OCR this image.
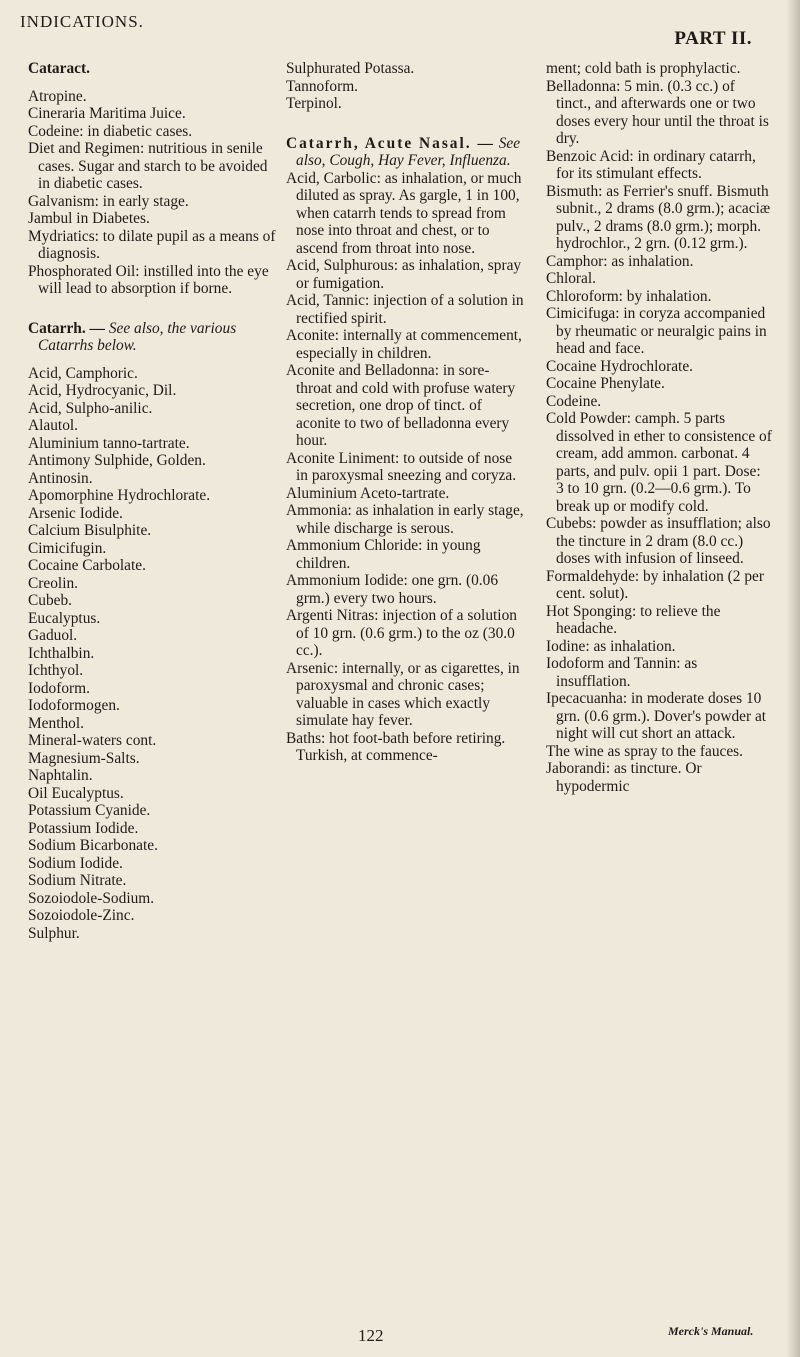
INDICATIONS.
PART II.

Cataract.

Atropine.

Cineraria Maritima Juice.

Codeine: in diabetic cases.

Diet and Regimen: nutritious in senile cases. Sugar and starch to be avoided in diabetic cases.

Galvanism: in early stage.

Jambul in Diabetes.

Mydriatics: to dilate pupil as a means of diagnosis.

Phosphorated Oil: instilled into the eye will lead to absorption if borne.

Catarrh. — See also, the various Catarrhs below.

Acid, Camphoric.

Acid, Hydrocyanic, Dil.

Acid, Sulpho-anilic.

Alautol.

Aluminium tanno-tartrate.

Antimony Sulphide, Golden.

Antinosin.

Apomorphine Hydrochlorate.

Arsenic Iodide.

Calcium Bisulphite.

Cimicifugin.

Cocaine Carbolate.

Creolin.

Cubeb.

Eucalyptus.

Gaduol.

Ichthalbin.

Ichthyol.

Iodoform.

Iodoformogen.

Menthol.

Mineral-waters cont.

Magnesium-Salts.

Naphtalin.

Oil Eucalyptus.

Potassium Cyanide.

Potassium Iodide.

Sodium Bicarbonate.

Sodium Iodide.

Sodium Nitrate.

Sozoiodole-Sodium.

Sozoiodole-Zinc.

Sulphur.

Sulphurated Potassa.

Tannoform.

Terpinol.

Catarrh, Acute Nasal. — See also, Cough, Hay Fever, Influenza.

Acid, Carbolic: as inhalation, or much diluted as spray. As gargle, 1 in 100, when catarrh tends to spread from nose into throat and chest, or to ascend from throat into nose.

Acid, Sulphurous: as inhalation, spray or fumigation.

Acid, Tannic: injection of a solution in rectified spirit.

Aconite: internally at commencement, especially in children.

Aconite and Belladonna: in sore-throat and cold with profuse watery secretion, one drop of tinct. of aconite to two of belladonna every hour.

Aconite Liniment: to outside of nose in paroxysmal sneezing and coryza.

Aluminium Aceto-tartrate.

Ammonia: as inhalation in early stage, while discharge is serous.

Ammonium Chloride: in young children.

Ammonium Iodide: one grn. (0.06 grm.) every two hours.

Argenti Nitras: injection of a solution of 10 grn. (0.6 grm.) to the oz (30.0 cc.).

Arsenic: internally, or as cigarettes, in paroxysmal and chronic cases; valuable in cases which exactly simulate hay fever.

Baths: hot foot-bath before retiring. Turkish, at commence-

ment; cold bath is prophylactic.

Belladonna: 5 min. (0.3 cc.) of tinct., and afterwards one or two doses every hour until the throat is dry.

Benzoic Acid: in ordinary catarrh, for its stimulant effects.

Bismuth: as Ferrier's snuff. Bismuth subnit., 2 drams (8.0 grm.); acaciæ pulv., 2 drams (8.0 grm.); morph. hydrochlor., 2 grn. (0.12 grm.).

Camphor: as inhalation.

Chloral.

Chloroform: by inhalation.

Cimicifuga: in coryza accompanied by rheumatic or neuralgic pains in head and face.

Cocaine Hydrochlorate.

Cocaine Phenylate.

Codeine.

Cold Powder: camph. 5 parts dissolved in ether to consistence of cream, add ammon. carbonat. 4 parts, and pulv. opii 1 part. Dose: 3 to 10 grn. (0.2—0.6 grm.). To break up or modify cold.

Cubebs: powder as insufflation; also the tincture in 2 dram (8.0 cc.) doses with infusion of linseed.

Formaldehyde: by inhalation (2 per cent. solut).

Hot Sponging: to relieve the headache.

Iodine: as inhalation.

Iodoform and Tannin: as insufflation.

Ipecacuanha: in moderate doses 10 grn. (0.6 grm.). Dover's powder at night will cut short an attack.

The wine as spray to the fauces.

Jaborandi: as tincture. Or hypodermic

122	Merck's Manual.
